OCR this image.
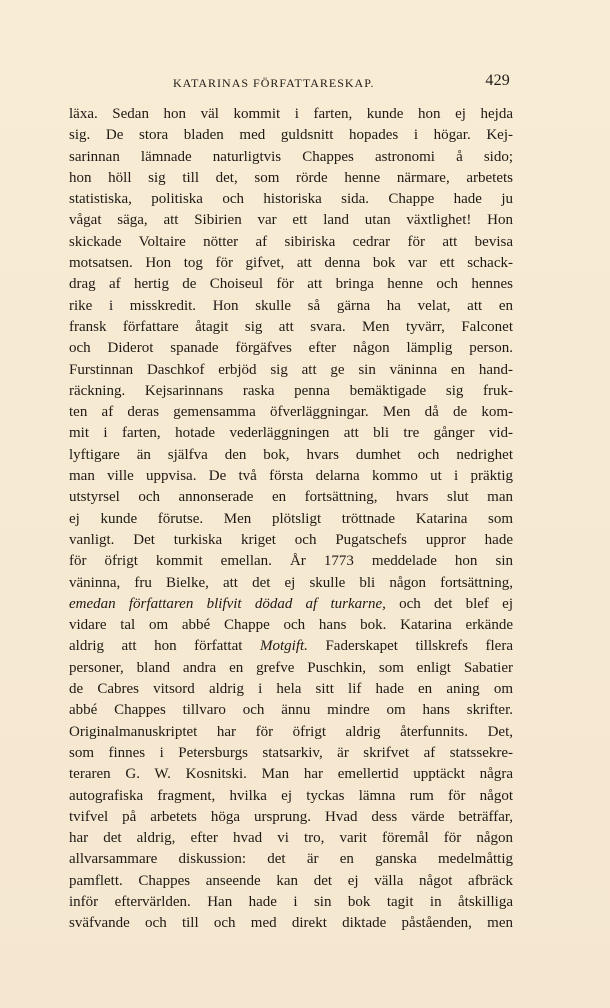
KATARINAS FÖRFATTARESKAP.	429
läxa. Sedan hon väl kommit i farten, kunde hon ej hejda
sig. De stora bladen med guldsnitt hopades i högar. Kej-
sarinnan lämnade naturligtvis Chappes astronomi å sido;
hon höll sig till det, som rörde henne närmare, arbetets
statistiska, politiska och historiska sida. Chappe hade ju
vågat säga, att Sibirien var ett land utan växtlighet! Hon
skickade Voltaire nötter af sibiriska cedrar för att bevisa
motsatsen. Hon tog för gifvet, att denna bok var ett schack-
drag af hertig de Choiseul för att bringa henne och hennes
rike i misskredit. Hon skulle så gärna ha velat, att en
fransk författare åtagit sig att svara. Men tyvärr, Falconet
och Diderot spanade förgäfves efter någon lämplig person.
Furstinnan Daschkof erbjöd sig att ge sin väninna en hand-
räckning. Kejsarinnans raska penna bemäktigade sig fruk-
ten af deras gemensamma öfverläggningar. Men då de kom-
mit i farten, hotade vederläggningen att bli tre gånger vid-
lyftigare än själfva den bok, hvars dumhet och nedrighet
man ville uppvisa. De två första delarna kommo ut i präktig
utstyrsel och annonserade en fortsättning, hvars slut man
ej kunde förutse. Men plötsligt tröttnade Katarina som
vanligt. Det turkiska kriget och Pugatschefs uppror hade
för öfrigt kommit emellan. År 1773 meddelade hon sin
väninna, fru Bielke, att det ej skulle bli någon fortsättning,
emedan författaren blifvit dödad af turkarne, och det blef ej
vidare tal om abbé Chappe och hans bok. Katarina erkände
aldrig att hon författat Motgift. Faderskapet tillskrefs flera
personer, bland andra en grefve Puschkin, som enligt Sabatier
de Cabres vitsord aldrig i hela sitt lif hade en aning om
abbé Chappes tillvaro och ännu mindre om hans skrifter.
Originalmanuskriptet har för öfrigt aldrig återfunnits. Det,
som finnes i Petersburgs statsarkiv, är skrifvet af statssekre-
teraren G. W. Kosnitski. Man har emellertid upptäckt några
autografiska fragment, hvilka ej tyckas lämna rum för något
tvifvel på arbetets höga ursprung. Hvad dess värde beträffar,
har det aldrig, efter hvad vi tro, varit föremål för någon
allvarsammare diskussion: det är en ganska medelmåttig
pamflett. Chappes anseende kan det ej välla något afbräck
inför eftervärlden. Han hade i sin bok tagit in åtskilliga
sväfvande och till och med direkt diktade påståenden, men
